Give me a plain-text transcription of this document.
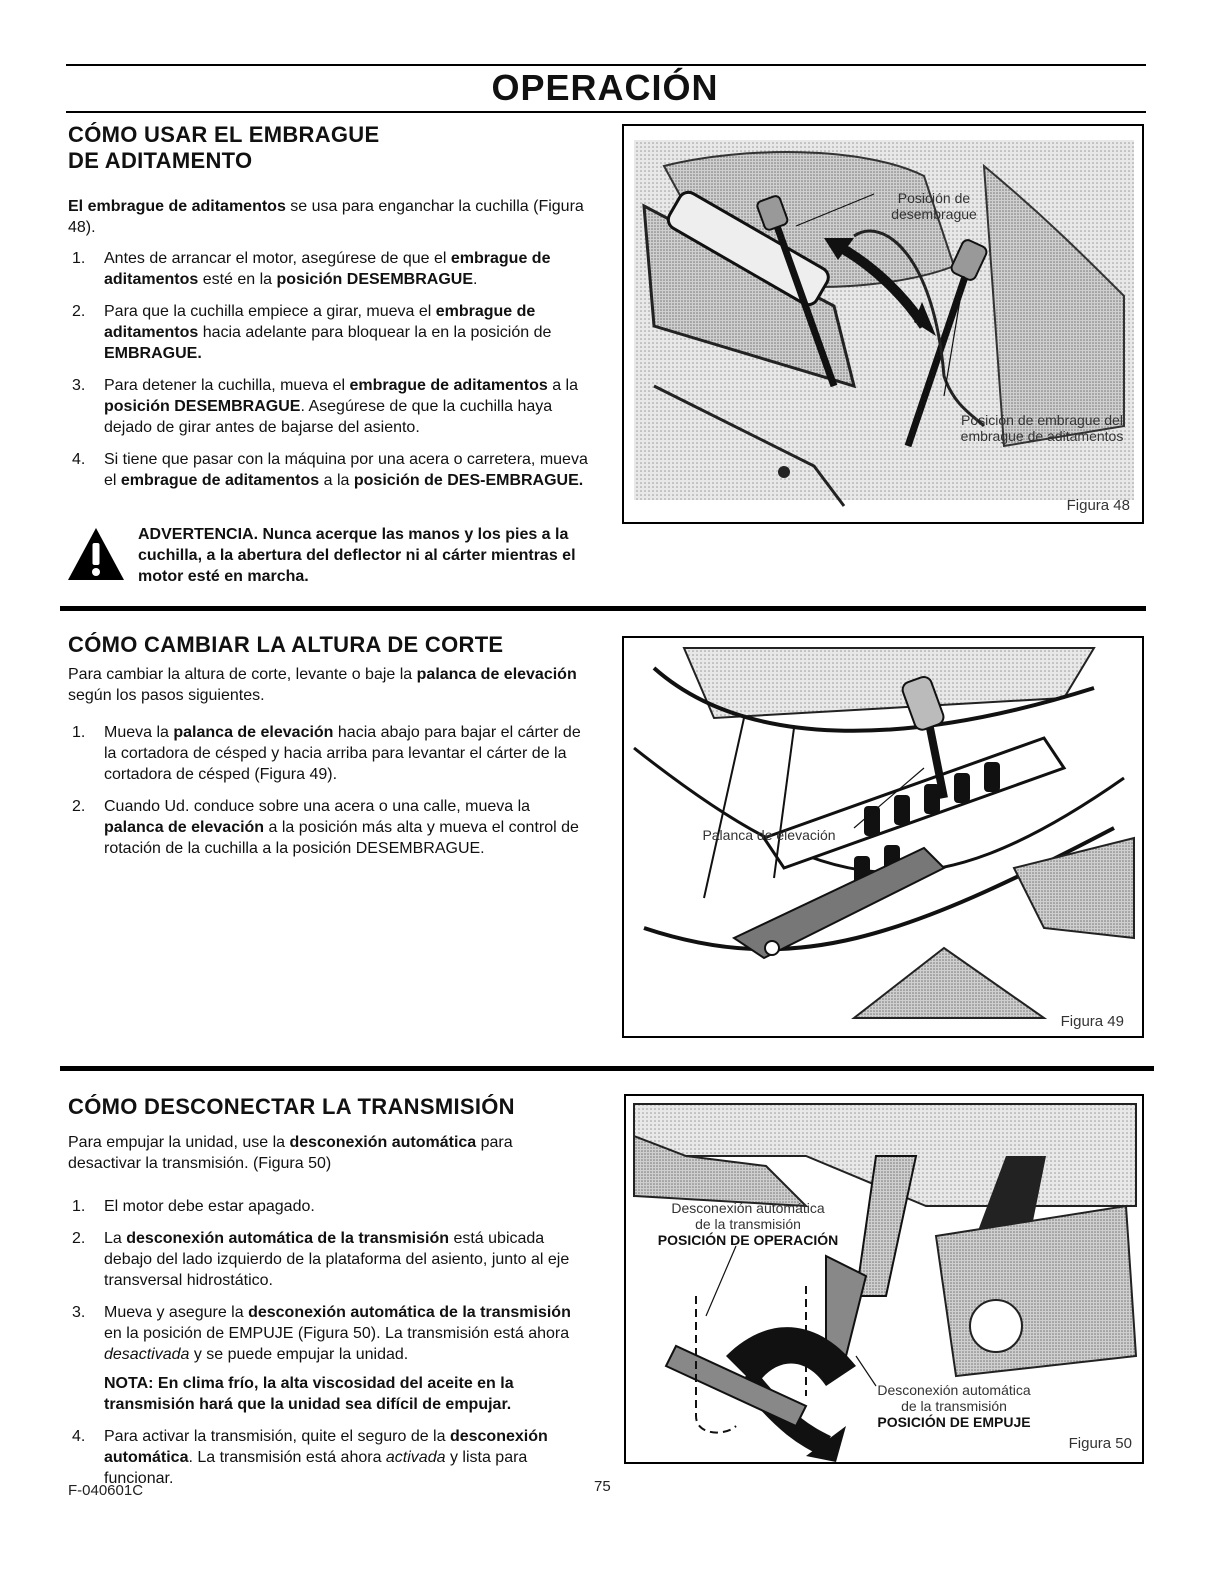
OPERACIÓN
CÓMO USAR EL EMBRAGUE
DE ADITAMENTO

El embrague de aditamentos se usa para enganchar la cuchilla (Figura 48).

1. Antes de arrancar el motor, asegúrese de que el embrague de aditamentos esté en la posición DESEMBRAGUE.
2. Para que la cuchilla empiece a girar, mueva el embrague de aditamentos hacia adelante para bloquear la en la posición de EMBRAGUE.
3. Para detener la cuchilla, mueva el embrague de aditamentos a la posición DESEMBRAGUE. Asegúrese de que la cuchilla haya dejado de girar antes de bajarse del asiento.
4. Si tiene que pasar con la máquina por una acera o carretera, mueva el embrague de aditamentos a la posición de DES-EMBRAGUE.
ADVERTENCIA. Nunca acerque las manos y los pies a la cuchilla, a la abertura del deflector ni al cárter mientras el motor esté en marcha.
Posición de desembrague
Posición de embrague del embrague de aditamentos
Figura 48
CÓMO CAMBIAR LA ALTURA DE CORTE

Para cambiar la altura de corte, levante o baje la palanca de elevación según los pasos siguientes.

1. Mueva la palanca de elevación hacia abajo para bajar el cárter de la cortadora de césped y hacia arriba para levantar el cárter de la cortadora de césped (Figura 49).
2. Cuando Ud. conduce sobre una acera o una calle, mueva la palanca de elevación a la posición más alta y mueva el control de rotación de la cuchilla a la posición DESEMBRAGUE.
Palanca de elevación
Figura 49
CÓMO DESCONECTAR LA TRANSMISIÓN

Para empujar la unidad, use la desconexión automática para desactivar la transmisión. (Figura 50)

1. El motor debe estar apagado.
2. La desconexión automática de la transmisión está ubicada debajo del lado izquierdo de la plataforma del asiento, junto al eje transversal hidrostático.
3. Mueva y asegure la desconexión automática de la transmisión en la posición de EMPUJE (Figura 50). La transmisión está ahora desactivada y se puede empujar la unidad.
NOTA: En clima frío, la alta viscosidad del aceite en la transmisión hará que la unidad sea difícil de empujar.
4. Para activar la transmisión, quite el seguro de la desconexión automática. La transmisión está ahora activada y lista para funcionar.
Desconexión automática
de la transmisión
POSICIÓN DE OPERACIÓN
Desconexión automática
de la transmisión
POSICIÓN DE EMPUJE
Figura 50
F-040601C	75
